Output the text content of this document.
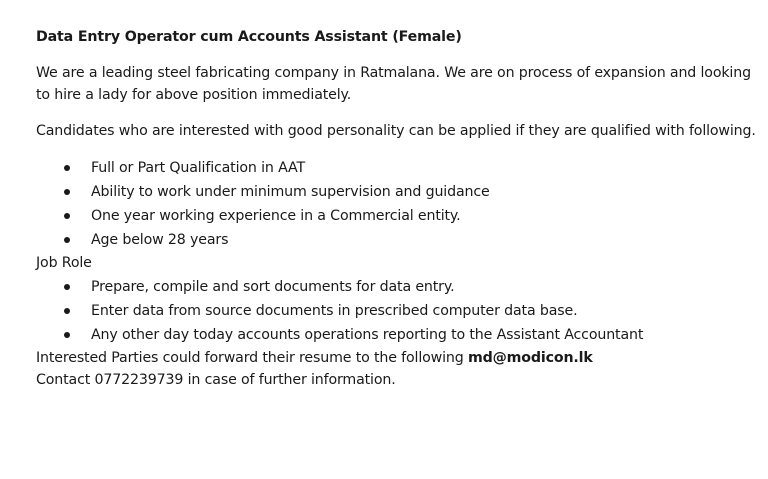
Data Entry Operator cum Accounts Assistant (Female)
We are a leading steel fabricating company in Ratmalana. We are on process of expansion and looking
to hire a lady for above position immediately.
Candidates who are interested with good personality can be applied if they are qualified with following.
Full or Part Qualification in AAT
Ability to work under minimum supervision and guidance
One year working experience in a Commercial entity.
Age below 28 years
Job Role
Prepare, compile and sort documents for data entry.
Enter data from source documents in prescribed computer data base.
Any other day today accounts operations reporting to the Assistant Accountant
Interested Parties could forward their resume to the following md@modicon.lk
Contact 0772239739 in case of further information.
